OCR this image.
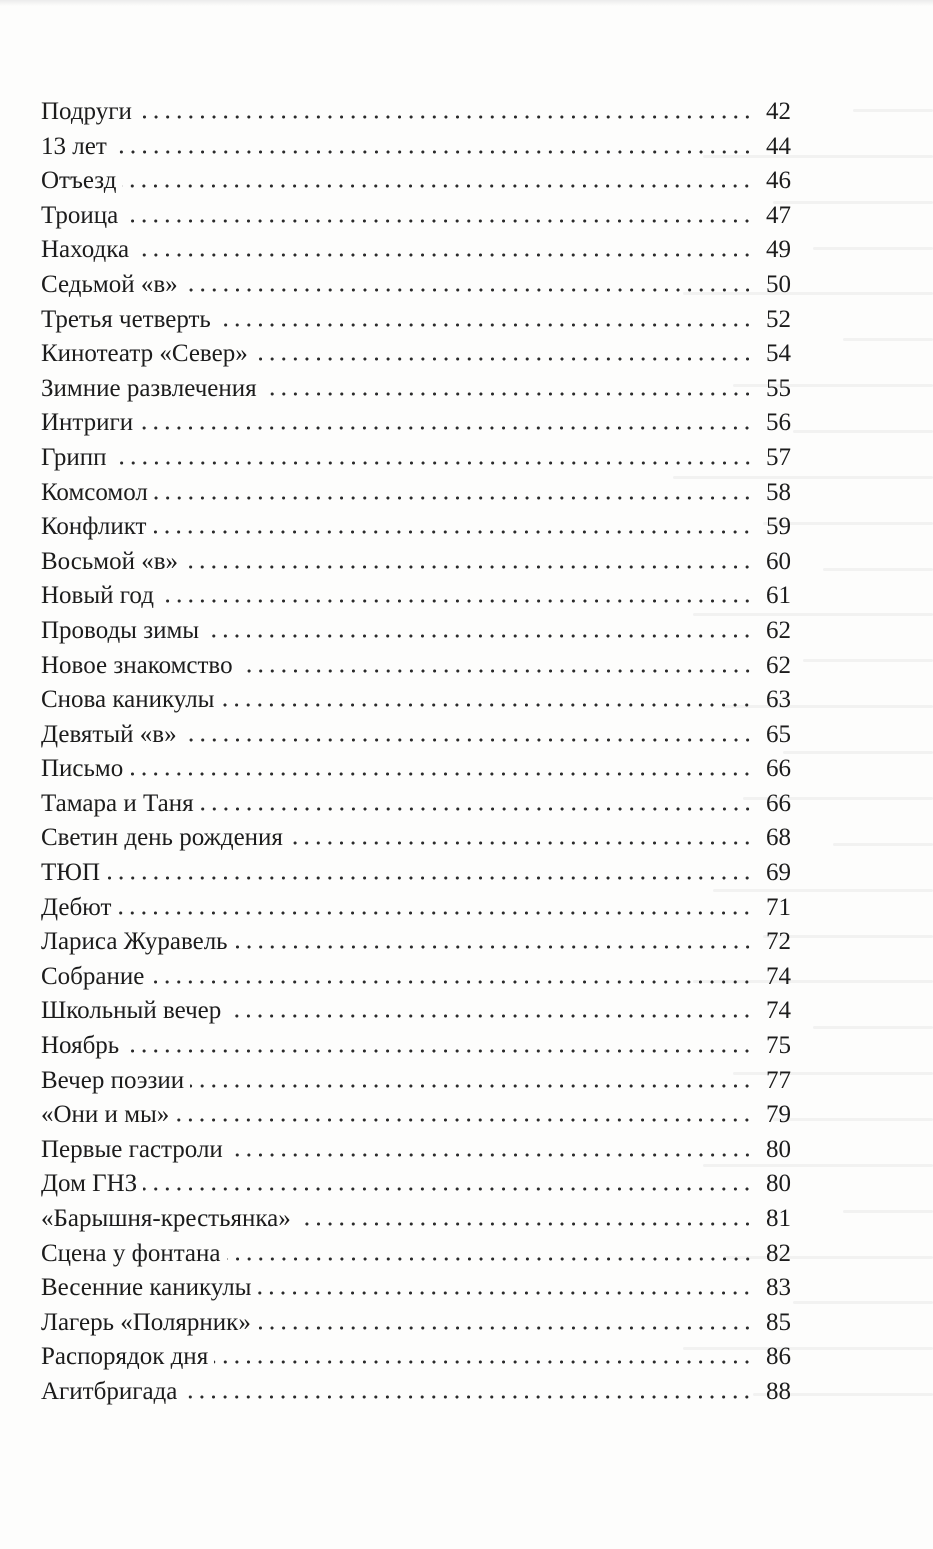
Подруги	42
13 лет	44
Отъезд	46
Троица	47
Находка	49
Седьмой «в»	50
Третья четверть	52
Кинотеатр «Север»	54
Зимние развлечения	55
Интриги	56
Грипп	57
Комсомол	58
Конфликт	59
Восьмой «в»	60
Новый год	61
Проводы зимы	62
Новое знакомство	62
Снова каникулы	63
Девятый «в»	65
Письмо	66
Тамара и Таня	66
Светин день рождения	68
ТЮП	69
Дебют	71
Лариса Журавель	72
Собрание	74
Школьный вечер	74
Ноябрь	75
Вечер поэзии	77
«Они и мы»	79
Первые гастроли	80
Дом ГНЗ	80
«Барышня-крестьянка»	81
Сцена у фонтана	82
Весенние каникулы	83
Лагерь «Полярник»	85
Распорядок дня	86
Агитбригада	88
